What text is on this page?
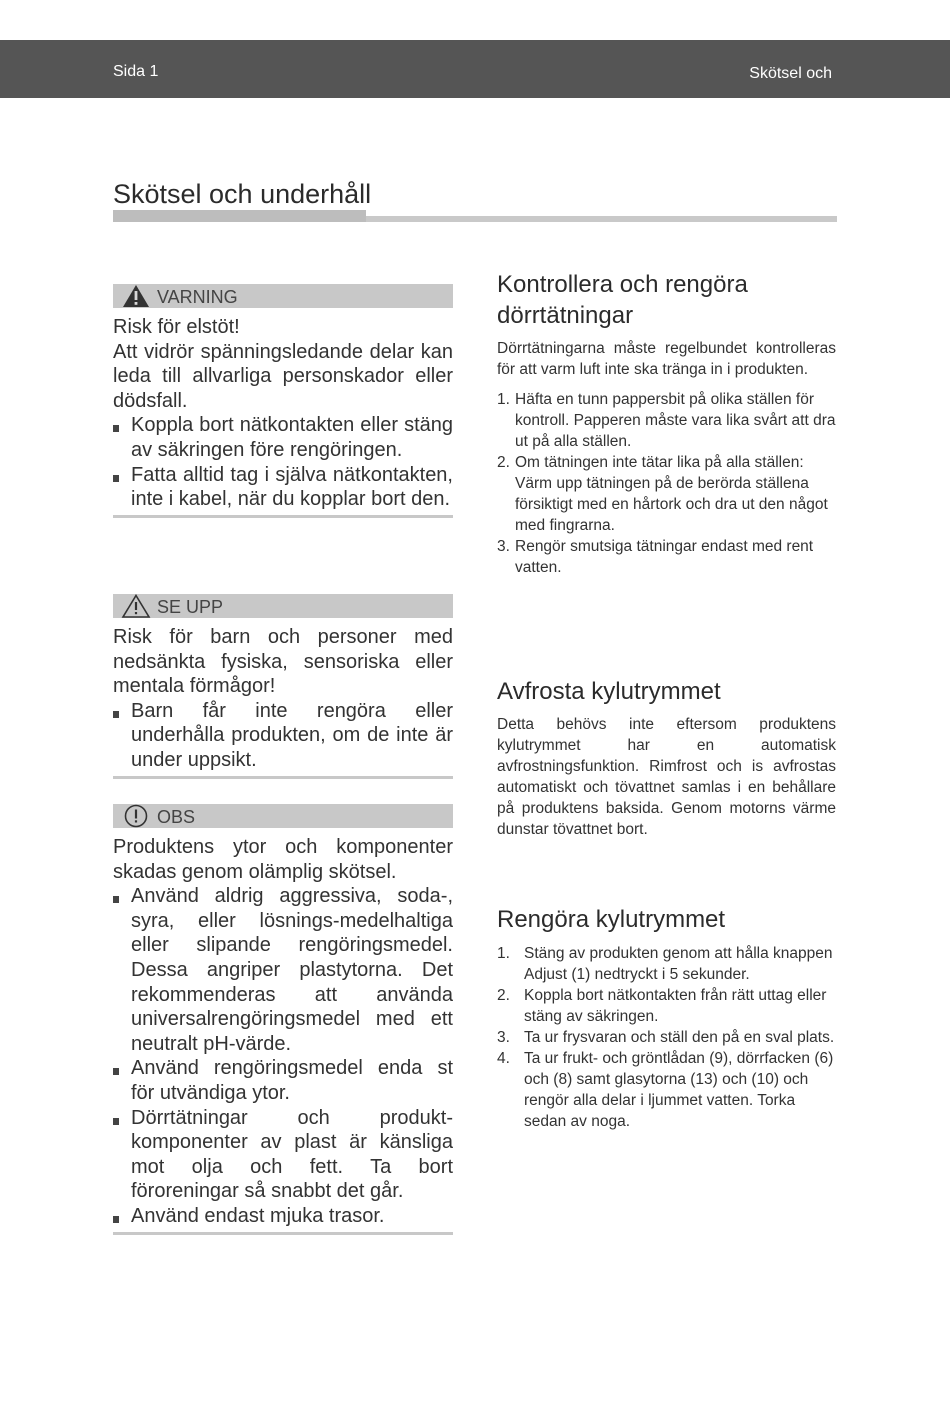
Sida 1	Skötsel och
Skötsel och underhåll
VARNING

Risk för elstöt!

Att vidrör spänningsledande delar kan leda till allvarliga personskador eller dödsfall.

Koppla bort nätkontakten eller stäng av säkringen före rengöringen.
Fatta alltid tag i själva nätkontakten, inte i kabel, när du kopplar bort den.
SE UPP

Risk för barn och personer med nedsänkta fysiska, sensoriska eller mentala förmågor!

Barn får inte rengöra eller underhålla produkten, om de inte är under uppsikt.
OBS

Produktens ytor och komponenter skadas genom olämplig skötsel.

Använd aldrig aggressiva, soda-, syra, eller lösnings-medelhaltiga eller slipande rengöringsmedel. Dessa angriper plastytorna. Det rekommenderas att använda universalrengöringsmedel med ett neutralt pH-värde.
Använd rengöringsmedel enda st för utvändiga ytor.
Dörrtätningar och produkt-komponenter av plast är känsliga mot olja och fett. Ta bort föroreningar så snabbt det går.
Använd endast mjuka trasor.
Kontrollera och rengöra dörrtätningar

Dörrtätningarna måste regelbundet kontrolleras för att varm luft inte ska tränga in i produkten.

1. Häfta en tunn pappersbit på olika ställen för kontroll. Papperen måste vara lika svårt att dra ut på alla ställen.
2. Om tätningen inte tätar lika på alla ställen: Värm upp tätningen på de berörda ställena försiktigt med en hårtork och dra ut den något med fingrarna.
3. Rengör smutsiga tätningar endast med rent vatten.
Avfrosta kylutrymmet

Detta behövs inte eftersom produktens kylutrymmet har en automatisk avfrostningsfunktion. Rimfrost och is avfrostas automatiskt och tövattnet samlas i en behållare på produktens baksida. Genom motorns värme dunstar tövattnet bort.

Rengöra kylutrymmet
1. Stäng av produkten genom att hålla knappen Adjust (1) nedtryckt i 5 sekunder.
2. Koppla bort nätkontakten från rätt uttag eller stäng av säkringen.
3. Ta ur frysvaran och ställ den på en sval plats.
4. Ta ur frukt- och gröntlådan (9), dörrfacken (6) och (8) samt glasytorna (13) och (10) och rengör alla delar i ljummet vatten. Torka sedan av noga.
